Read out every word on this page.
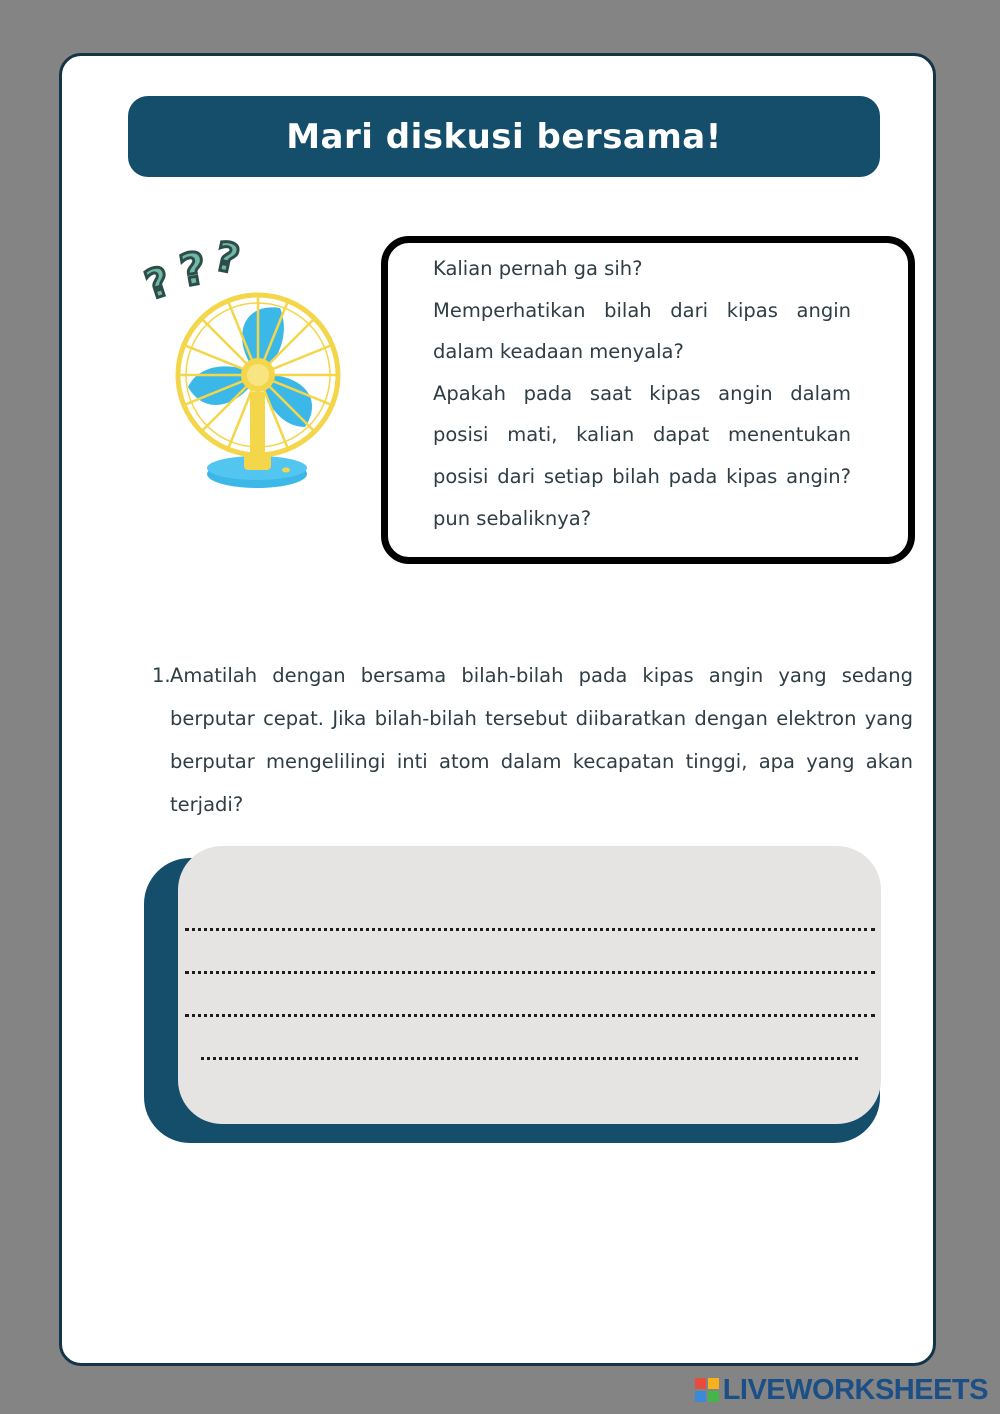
Mari diskusi bersama!
? ? ?	Kalian pernah ga sih?

Memperhatikan bilah dari kipas angin dalam keadaan menyala?

Apakah pada saat kipas angin dalam posisi mati, kalian dapat menentukan posisi dari setiap bilah pada kipas angin? pun sebaliknya?

1. Amatilah dengan bersama bilah-bilah pada kipas angin yang sedang berputar cepat. Jika bilah-bilah tersebut diibaratkan dengan elektron yang berputar mengelilingi inti atom dalam kecapatan tinggi, apa yang akan terjadi?
LIVEWORKSHEETS
